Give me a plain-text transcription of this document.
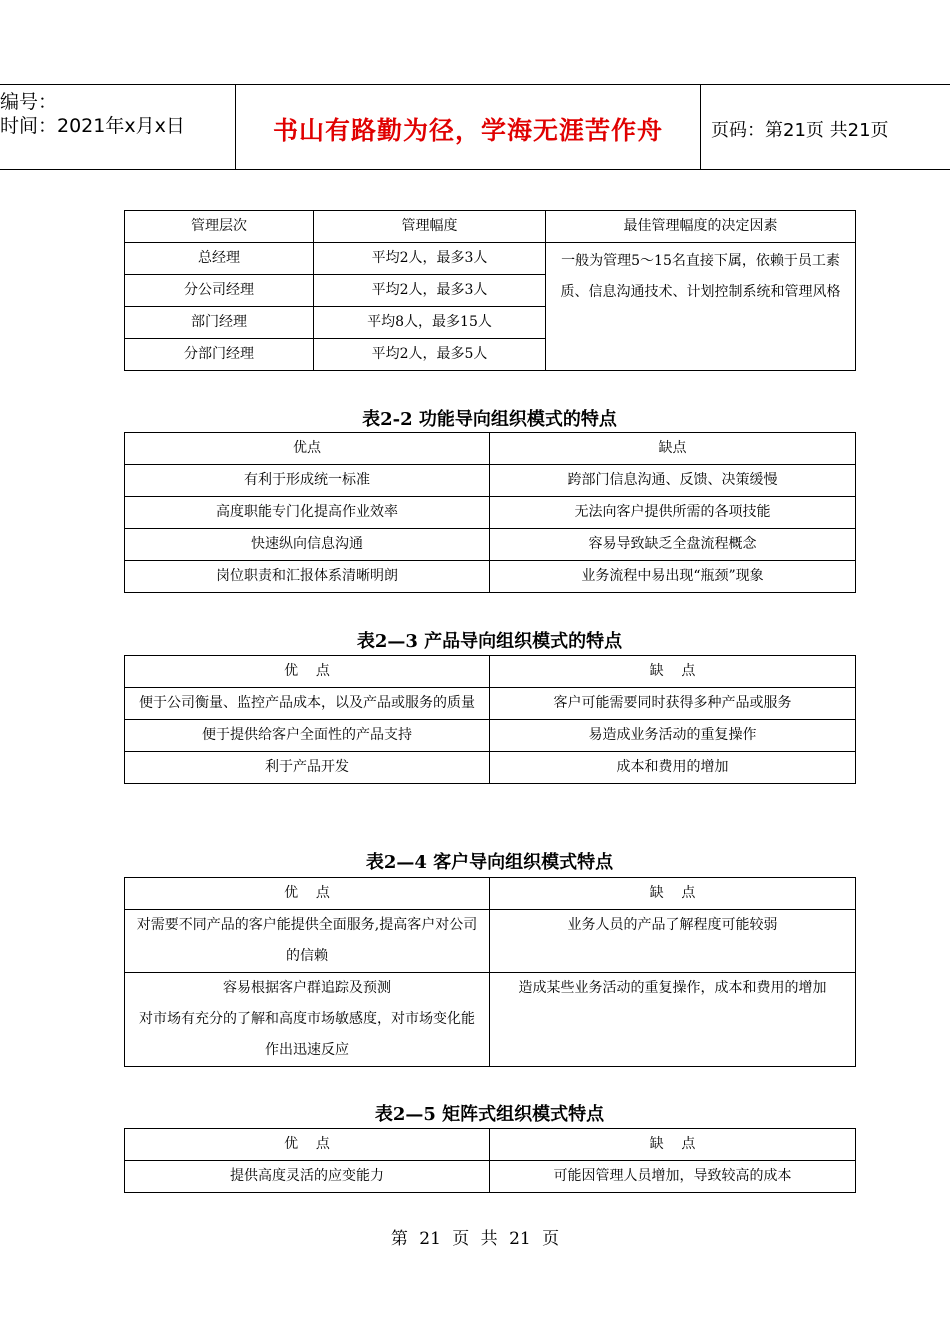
编号：
时间：2021年x月x日	书山有路勤为径，学海无涯苦作舟	页码：第21页 共21页
管理层次	管理幅度	最佳管理幅度的决定因素
总经理	平均2人，最多3人	一般为管理5～15名直接下属，依赖于员工素质、信息沟通技术、计划控制系统和管理风格
分公司经理	平均2人，最多3人	
部门经理	平均8人，最多15人	
分部门经理	平均2人，最多5人	
表2-2 功能导向组织模式的特点
优点	缺点
有利于形成统一标准	跨部门信息沟通、反馈、决策缓慢
高度职能专门化提高作业效率	无法向客户提供所需的各项技能
快速纵向信息沟通	容易导致缺乏全盘流程概念
岗位职责和汇报体系清晰明朗	业务流程中易出现“瓶颈”现象
表2—3 产品导向组织模式的特点
优    点	缺    点
便于公司衡量、监控产品成本，以及产品或服务的质量	客户可能需要同时获得多种产品或服务
便于提供给客户全面性的产品支持	易造成业务活动的重复操作
利于产品开发	成本和费用的增加
表2—4 客户导向组织模式特点
优    点	缺    点
对需要不同产品的客户能提供全面服务,提高客户对公司的信赖	业务人员的产品了解程度可能较弱

容易根据客户群追踪及预测
对市场有充分的了解和高度市场敏感度，对市场变化能作出迅速反应	造成某些业务活动的重复操作，成本和费用的增加
表2—5 矩阵式组织模式特点
优    点	缺    点
提供高度灵活的应变能力	可能因管理人员增加，导致较高的成本
第 21 页 共 21 页
